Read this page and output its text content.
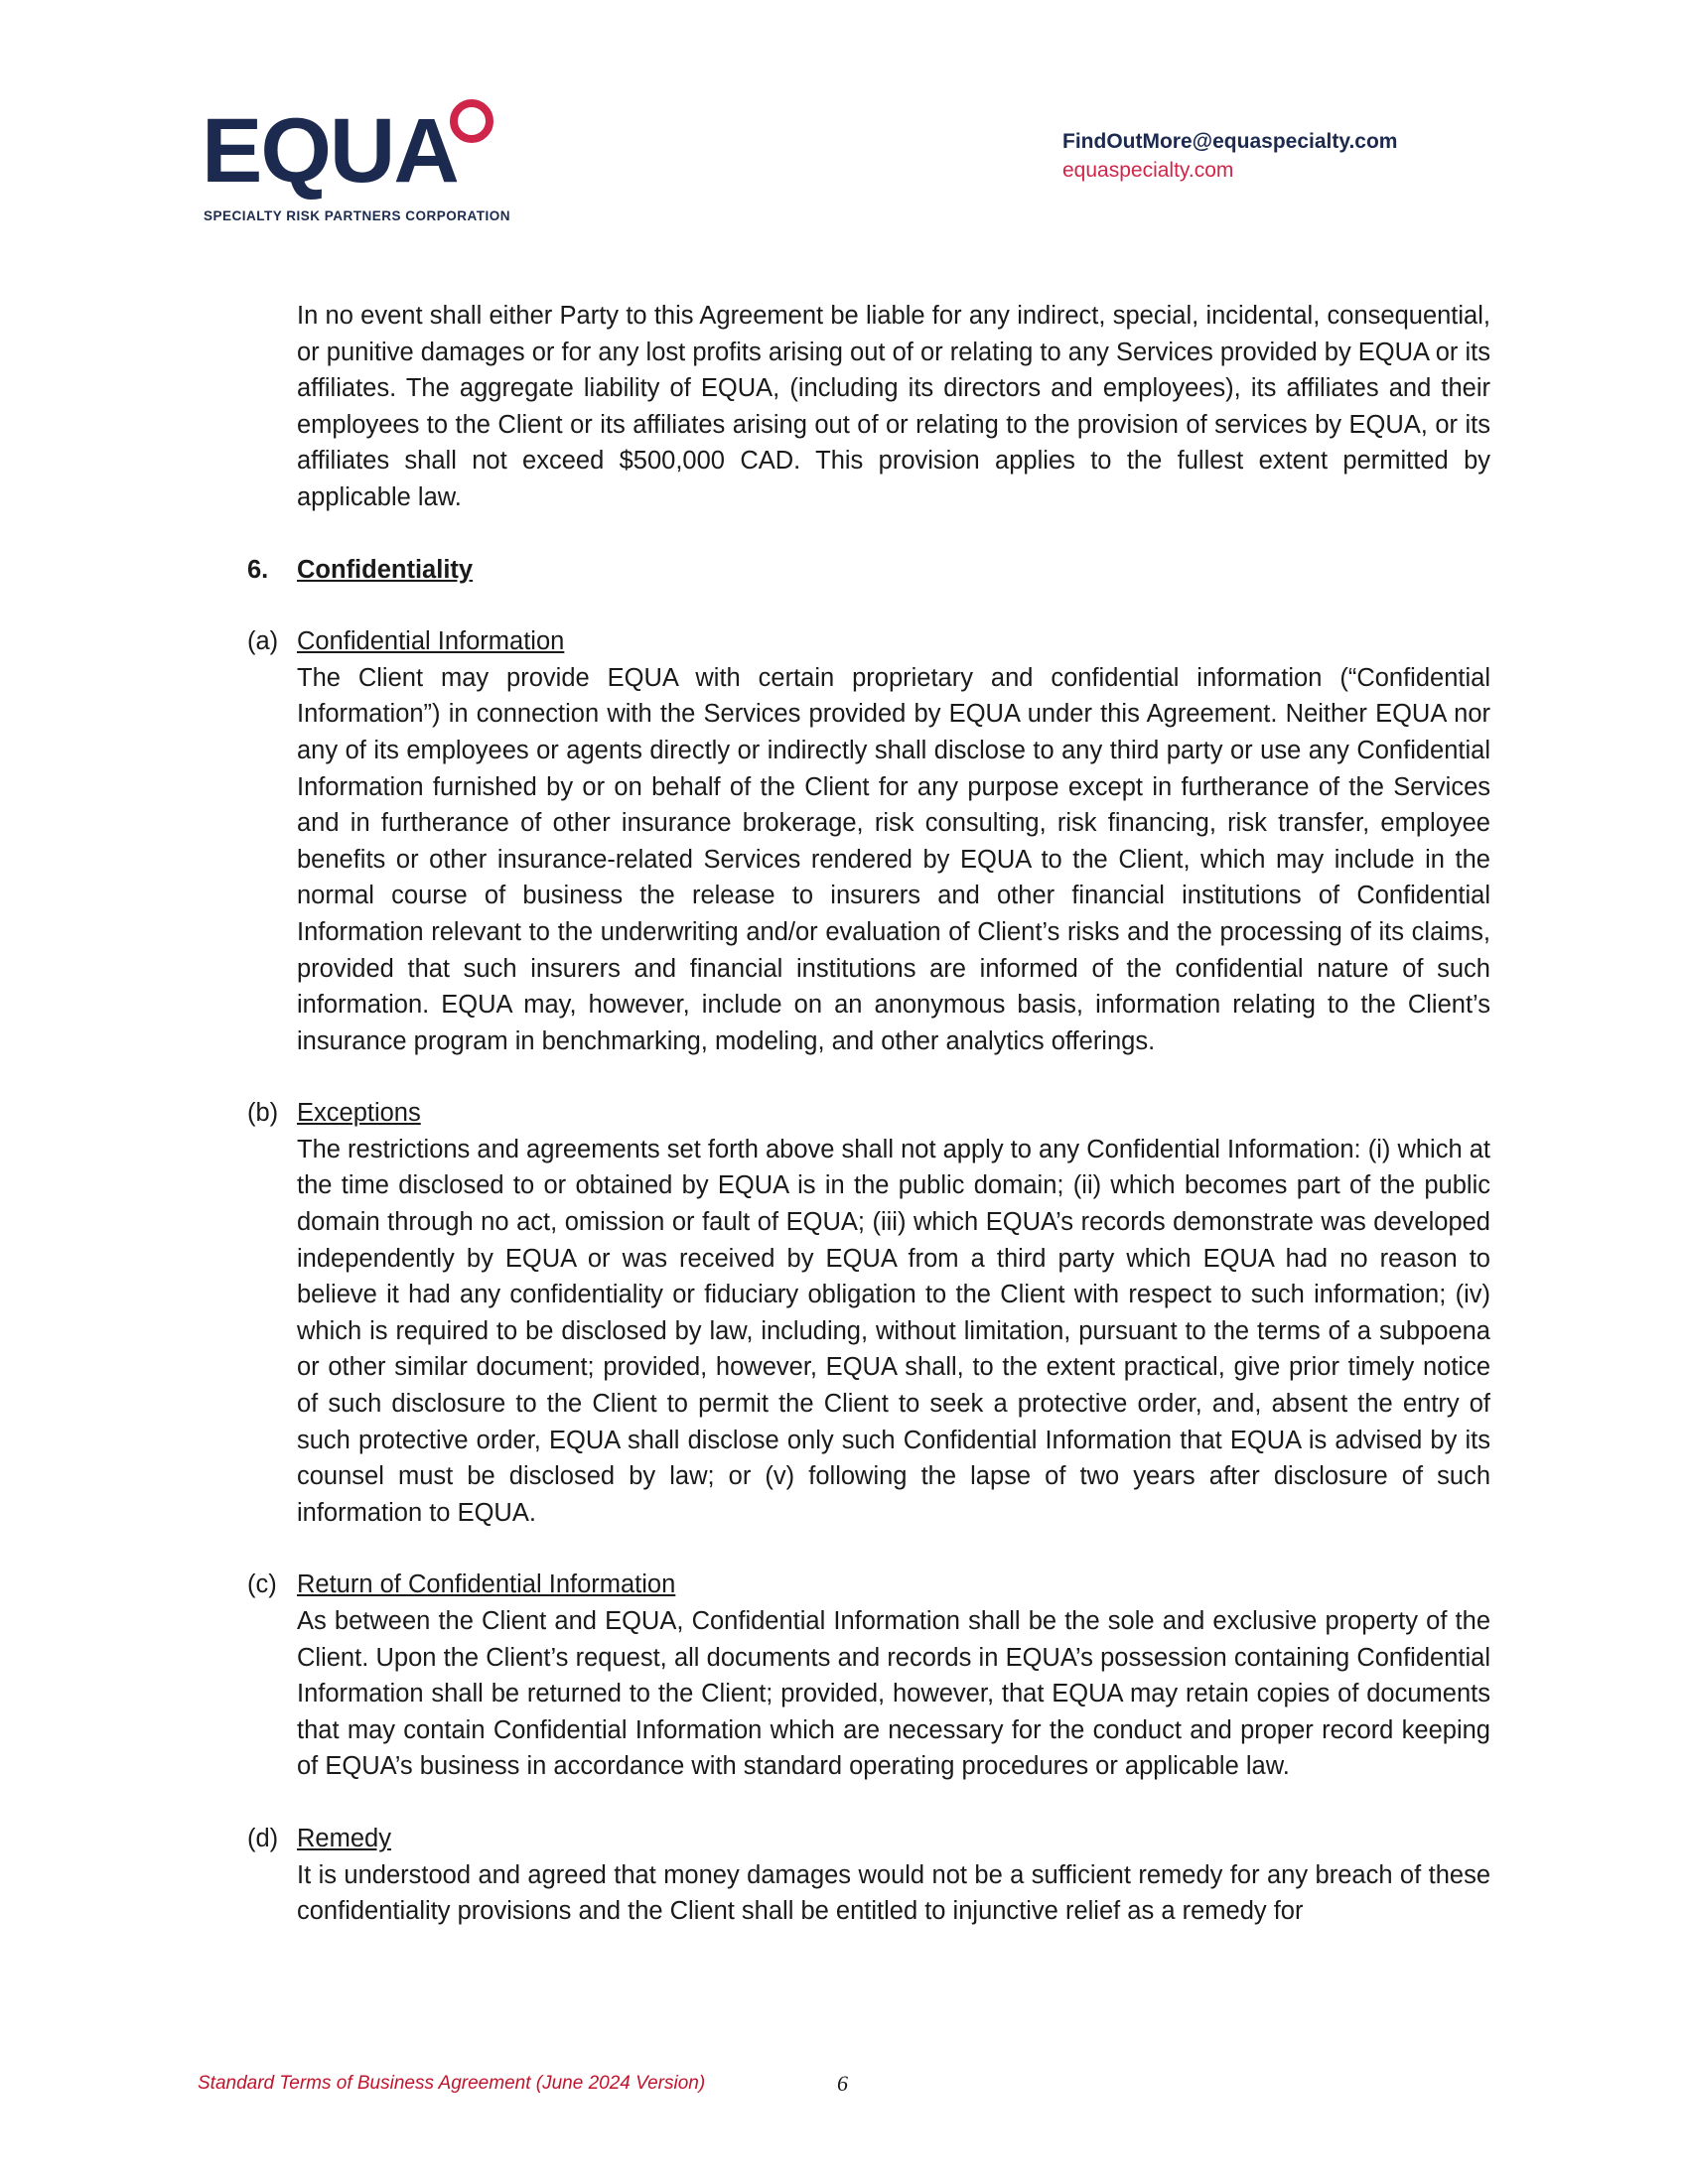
EQUA
SPECIALTY RISK PARTNERS CORPORATION
FindOutMore@equaspecialty.com
equaspecialty.com

In no event shall either Party to this Agreement be liable for any indirect, special, incidental, consequential, or punitive damages or for any lost profits arising out of or relating to any Services provided by EQUA or its affiliates. The aggregate liability of EQUA, (including its directors and employees), its affiliates and their employees to the Client or its affiliates arising out of or relating to the provision of services by EQUA, or its affiliates shall not exceed $500,000 CAD. This provision applies to the fullest extent permitted by applicable law.

6. Confidentiality

(a) Confidential Information

The Client may provide EQUA with certain proprietary and confidential information (“Confidential Information”) in connection with the Services provided by EQUA under this Agreement. Neither EQUA nor any of its employees or agents directly or indirectly shall disclose to any third party or use any Confidential Information furnished by or on behalf of the Client for any purpose except in furtherance of the Services and in furtherance of other insurance brokerage, risk consulting, risk financing, risk transfer, employee benefits or other insurance-related Services rendered by EQUA to the Client, which may include in the normal course of business the release to insurers and other financial institutions of Confidential Information relevant to the underwriting and/or evaluation of Client’s risks and the processing of its claims, provided that such insurers and financial institutions are informed of the confidential nature of such information. EQUA may, however, include on an anonymous basis, information relating to the Client’s insurance program in benchmarking, modeling, and other analytics offerings.

(b) Exceptions

The restrictions and agreements set forth above shall not apply to any Confidential Information: (i) which at the time disclosed to or obtained by EQUA is in the public domain; (ii) which becomes part of the public domain through no act, omission or fault of EQUA; (iii) which EQUA’s records demonstrate was developed independently by EQUA or was received by EQUA from a third party which EQUA had no reason to believe it had any confidentiality or fiduciary obligation to the Client with respect to such information; (iv) which is required to be disclosed by law, including, without limitation, pursuant to the terms of a subpoena or other similar document; provided, however, EQUA shall, to the extent practical, give prior timely notice of such disclosure to the Client to permit the Client to seek a protective order, and, absent the entry of such protective order, EQUA shall disclose only such Confidential Information that EQUA is advised by its counsel must be disclosed by law; or (v) following the lapse of two years after disclosure of such information to EQUA.

(c) Return of Confidential Information

As between the Client and EQUA, Confidential Information shall be the sole and exclusive property of the Client. Upon the Client’s request, all documents and records in EQUA’s possession containing Confidential Information shall be returned to the Client; provided, however, that EQUA may retain copies of documents that may contain Confidential Information which are necessary for the conduct and proper record keeping of EQUA’s business in accordance with standard operating procedures or applicable law.

(d) Remedy

It is understood and agreed that money damages would not be a sufficient remedy for any breach of these confidentiality provisions and the Client shall be entitled to injunctive relief as a remedy for

Standard Terms of Business Agreement (June 2024 Version)	6
